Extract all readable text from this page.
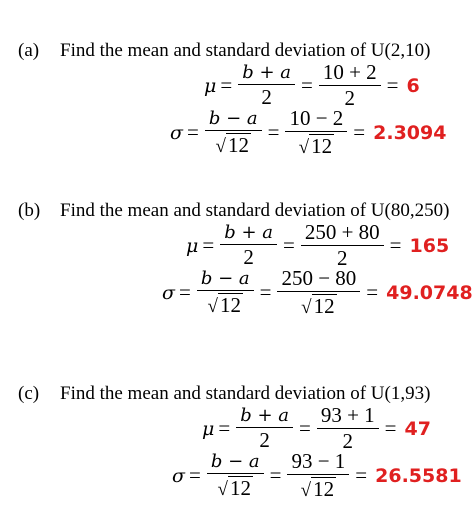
(a) Find the mean and standard deviation of U(2,10)
$\mu = \frac{b + a}{2} = \frac{10 + 2}{2} = 6$
$\sigma = \frac{b - a}{√ 12} = \frac{10 - 2}{√ 12} = 2.3094$
(b) Find the mean and standard deviation of U(80,250)
$\mu = \frac{b + a}{2} = \frac{250 + 80}{2} = 165$
$\sigma = \frac{b - a}{√ 12} = \frac{250 - 80}{√ 12} = 49.0748$
(c) Find the mean and standard deviation of U(1,93)
$\mu = \frac{b + a}{2} = \frac{93 + 1}{2} = 47$
$\sigma = \frac{b - a}{√ 12} = \frac{93 - 1}{√ 12} = 26.5581$
